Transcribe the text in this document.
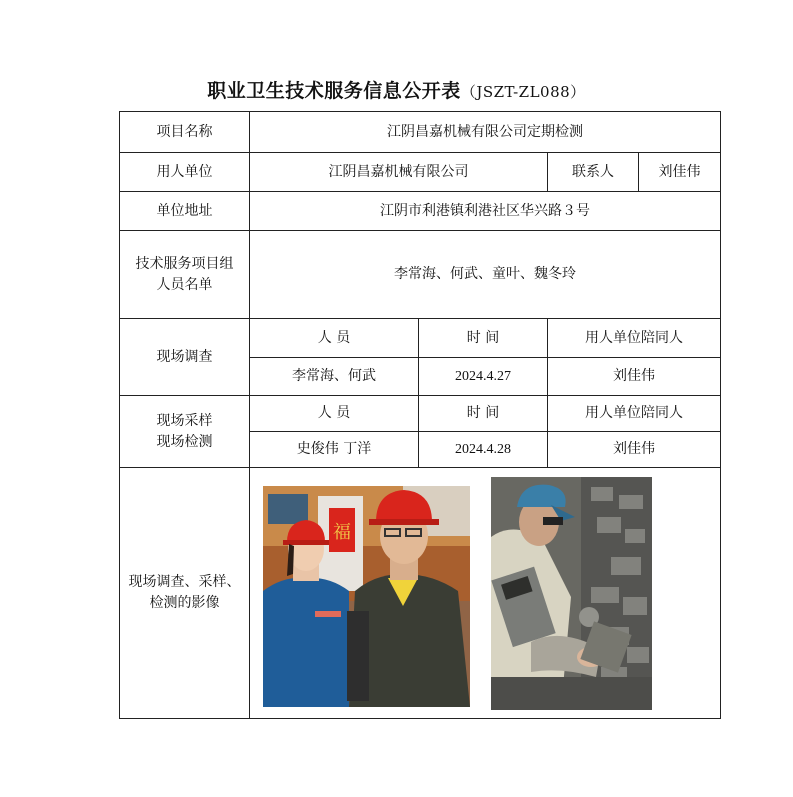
职业卫生技术服务信息公开表（JSZT-ZL088）
项目名称	江阴昌嘉机械有限公司定期检测			
用人单位	江阴昌嘉机械有限公司		联系人	刘佳伟
单位地址	江阴市利港镇利港社区华兴路３号			
技术服务项目组人员名单	李常海、何武、童叶、魏冬玲			
现场调查	人 员	时 间	用人单位陪同人	
	李常海、何武	2024.4.27	刘佳伟	
现场采样现场检测	人 员	时 间	用人单位陪同人	
	史俊伟 丁洋	2024.4.28	刘佳伟	
现场调查、采样、检测的影像	福			
